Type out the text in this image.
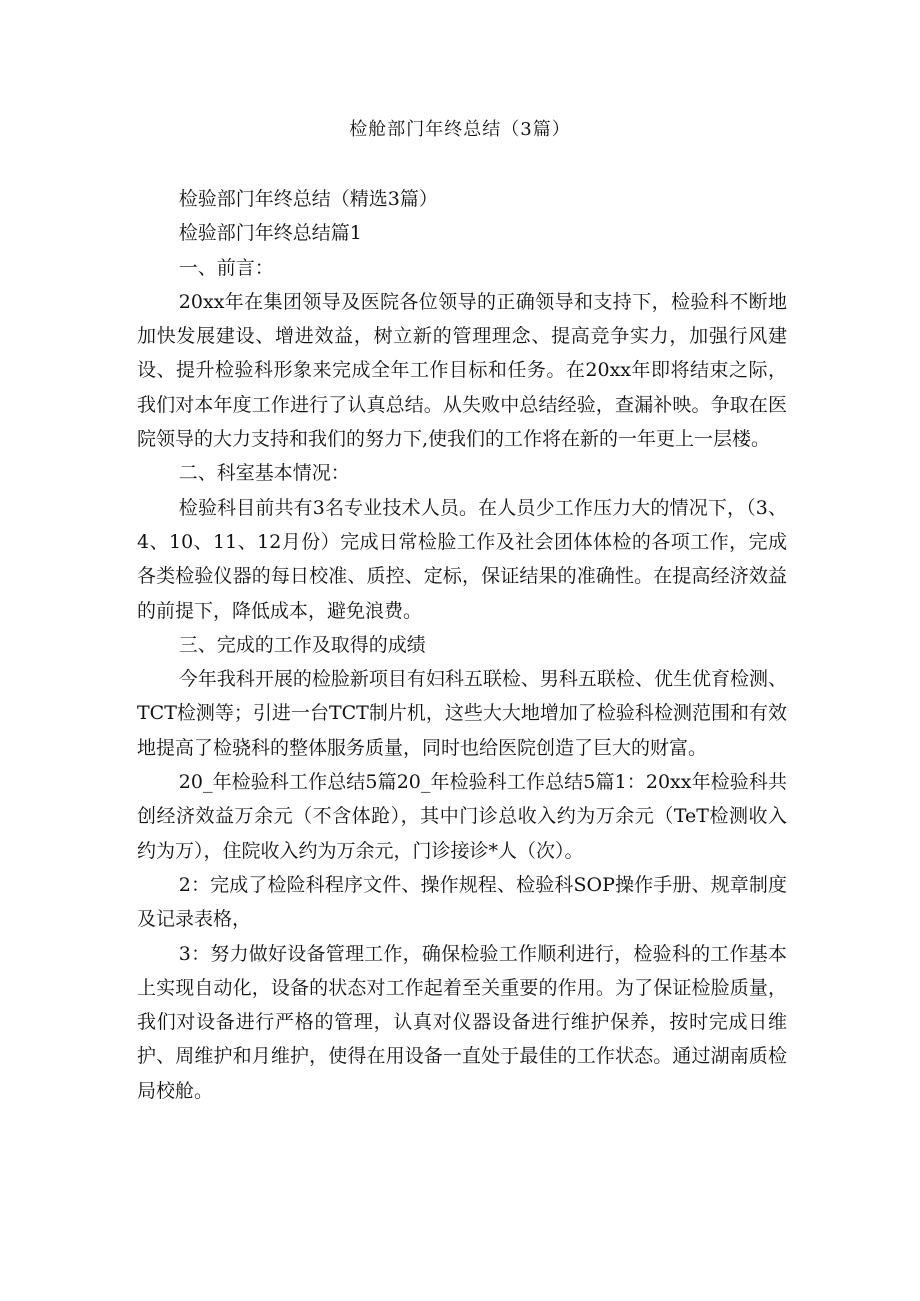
检舱部门年终总结（3篇）

检验部门年终总结（精选3篇）

检验部门年终总结篇1

一、前言：

20xx年在集团领导及医院各位领导的正确领导和支持下，检验科不断地加快发展建设、增进效益，树立新的管理理念、提高竞争实力，加强行风建设、提升检验科形象来完成全年工作目标和任务。在20xx年即将结束之际，我们对本年度工作进行了认真总结。从失败中总结经验，查漏补映。争取在医院领导的大力支持和我们的努力下,使我们的工作将在新的一年更上一层楼。

二、科室基本情况：

检验科目前共有3名专业技术人员。在人员少工作压力大的情况下，（3、4、10、11、12月份）完成日常检脸工作及社会团体体检的各项工作，完成各类检验仪器的每日校准、质控、定标，保证结果的准确性。在提高经济效益的前提下，降低成本，避免浪费。

三、完成的工作及取得的成绩

今年我科开展的检脸新项目有妇科五联检、男科五联检、优生优育检测、TCT检测等；引进一台TCT制片机，这些大大地增加了检验科检测范围和有效地提高了检骁科的整体服务质量，同时也给医院创造了巨大的财富。

20_年检验科工作总结5篇20_年检验科工作总结5篇1：20xx年检验科共创经济效益万余元（不含体跄），其中门诊总收入约为万余元（TeT检测收入约为万），住院收入约为万余元，门诊接诊*人（次）。

2：完成了检险科程序文件、操作规程、检验科SOP操作手册、规章制度及记录表格，

3：努力做好设备管理工作，确保检验工作顺利进行，检验科的工作基本上实现自动化，设备的状态对工作起着至关重要的作用。为了保证检脸质量，我们对设备进行严格的管理，认真对仪器设备进行维护保养，按时完成日维护、周维护和月维护，使得在用设备一直处于最佳的工作状态。通过湖南质检局校舱。
